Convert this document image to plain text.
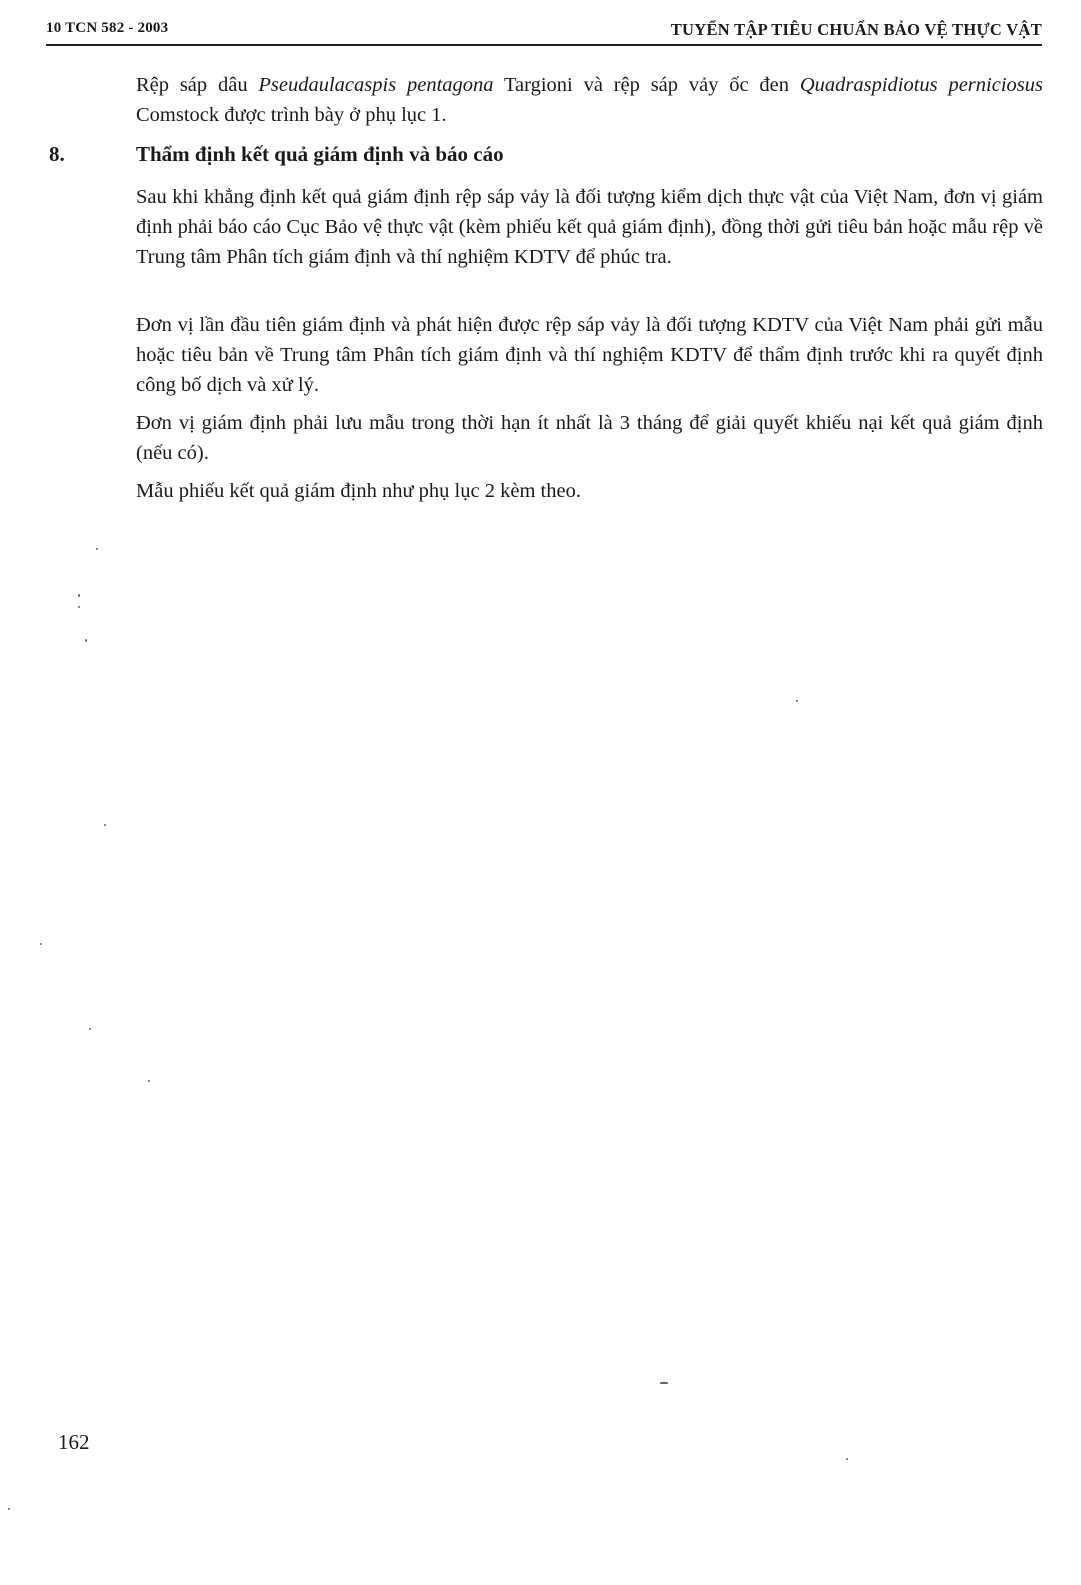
10 TCN 582 - 2003	TUYỂN TẬP TIÊU CHUẨN BẢO VỆ THỰC VẬT

Rệp sáp dâu Pseudaulacaspis pentagona Targioni và rệp sáp vảy ốc đen Quadraspidiotus perniciosus Comstock được trình bày ở phụ lục 1.

8.	Thẩm định kết quả giám định và báo cáo

Sau khi khẳng định kết quả giám định rệp sáp vảy là đối tượng kiểm dịch thực vật của Việt Nam, đơn vị giám định phải báo cáo Cục Bảo vệ thực vật (kèm phiếu kết quả giám định), đồng thời gửi tiêu bản hoặc mẫu rệp về Trung tâm Phân tích giám định và thí nghiệm KDTV để phúc tra.

Đơn vị lần đầu tiên giám định và phát hiện được rệp sáp vảy là đối tượng KDTV của Việt Nam phải gửi mẫu hoặc tiêu bản về Trung tâm Phân tích giám định và thí nghiệm KDTV để thẩm định trước khi ra quyết định công bố dịch và xử lý.

Đơn vị giám định phải lưu mẫu trong thời hạn ít nhất là 3 tháng để giải quyết khiếu nại kết quả giám định (nếu có).

Mẫu phiếu kết quả giám định như phụ lục 2 kèm theo.

162
